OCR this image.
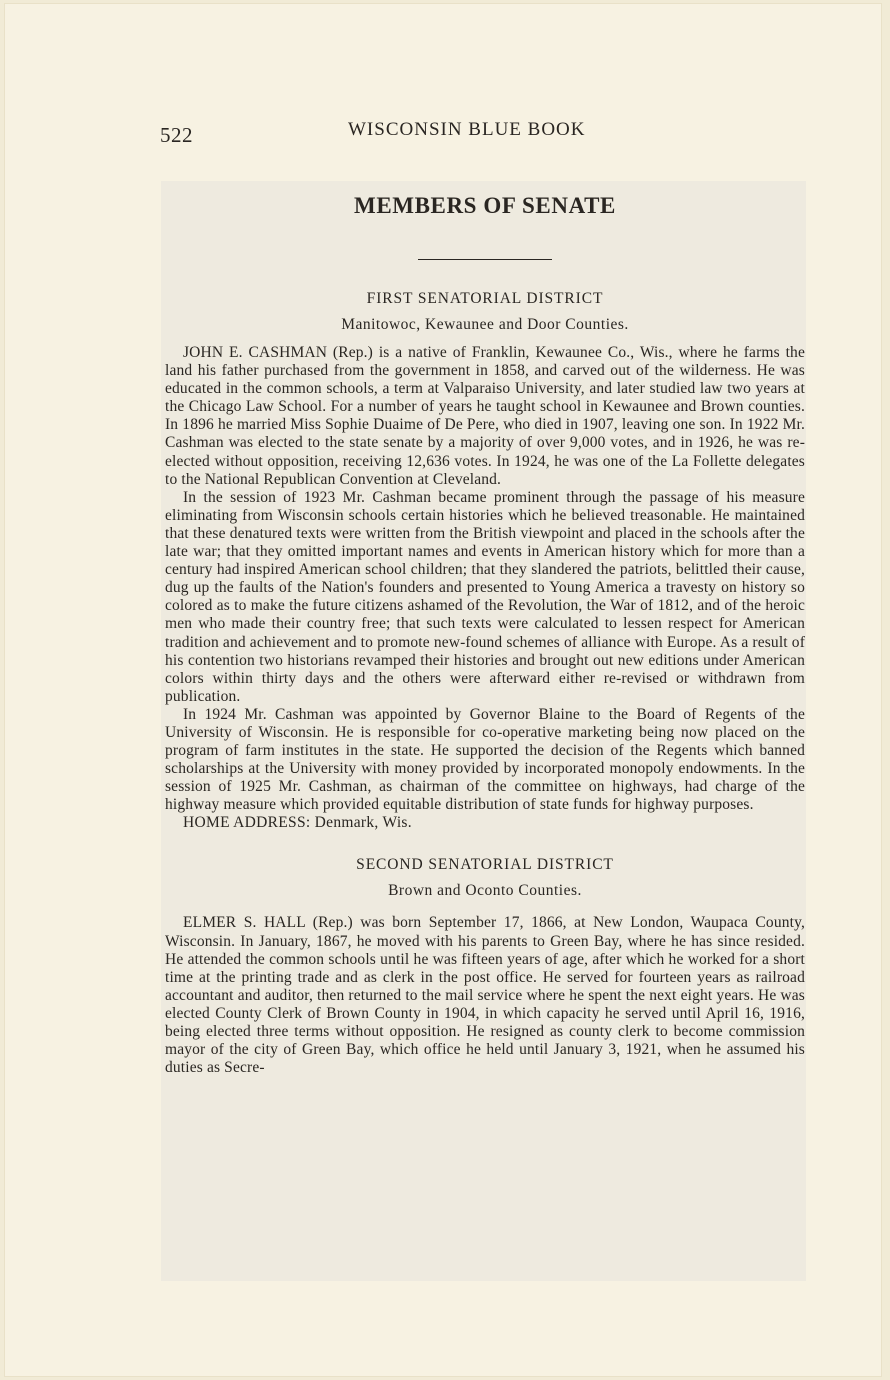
522	WISCONSIN BLUE BOOK
MEMBERS OF SENATE

FIRST SENATORIAL DISTRICT

Manitowoc, Kewaunee and Door Counties.

JOHN E. CASHMAN (Rep.) is a native of Franklin, Kewaunee Co., Wis., where he farms the land his father purchased from the government in 1858, and carved out of the wilderness. He was educated in the common schools, a term at Valparaiso University, and later studied law two years at the Chicago Law School. For a number of years he taught school in Kewaunee and Brown counties. In 1896 he married Miss Sophie Duaime of De Pere, who died in 1907, leaving one son. In 1922 Mr. Cashman was elected to the state senate by a majority of over 9,000 votes, and in 1926, he was re-elected without opposition, receiving 12,636 votes. In 1924, he was one of the La Follette delegates to the National Republican Convention at Cleveland.

In the session of 1923 Mr. Cashman became prominent through the passage of his measure eliminating from Wisconsin schools certain histories which he believed treasonable. He maintained that these denatured texts were written from the British viewpoint and placed in the schools after the late war; that they omitted important names and events in American history which for more than a century had inspired American school children; that they slandered the patriots, belittled their cause, dug up the faults of the Nation's founders and presented to Young America a travesty on history so colored as to make the future citizens ashamed of the Revolution, the War of 1812, and of the heroic men who made their country free; that such texts were calculated to lessen respect for American tradition and achievement and to promote new-found schemes of alliance with Europe. As a result of his contention two historians revamped their histories and brought out new editions under American colors within thirty days and the others were afterward either re-revised or withdrawn from publication.

In 1924 Mr. Cashman was appointed by Governor Blaine to the Board of Regents of the University of Wisconsin. He is responsible for co-operative marketing being now placed on the program of farm institutes in the state. He supported the decision of the Regents which banned scholarships at the University with money provided by incorporated monopoly endowments. In the session of 1925 Mr. Cashman, as chairman of the committee on highways, had charge of the highway measure which provided equitable distribution of state funds for highway purposes.

HOME ADDRESS: Denmark, Wis.

SECOND SENATORIAL DISTRICT

Brown and Oconto Counties.

ELMER S. HALL (Rep.) was born September 17, 1866, at New London, Waupaca County, Wisconsin. In January, 1867, he moved with his parents to Green Bay, where he has since resided. He attended the common schools until he was fifteen years of age, after which he worked for a short time at the printing trade and as clerk in the post office. He served for fourteen years as railroad accountant and auditor, then returned to the mail service where he spent the next eight years. He was elected County Clerk of Brown County in 1904, in which capacity he served until April 16, 1916, being elected three terms without opposition. He resigned as county clerk to become commission mayor of the city of Green Bay, which office he held until January 3, 1921, when he assumed his duties as Secre-
